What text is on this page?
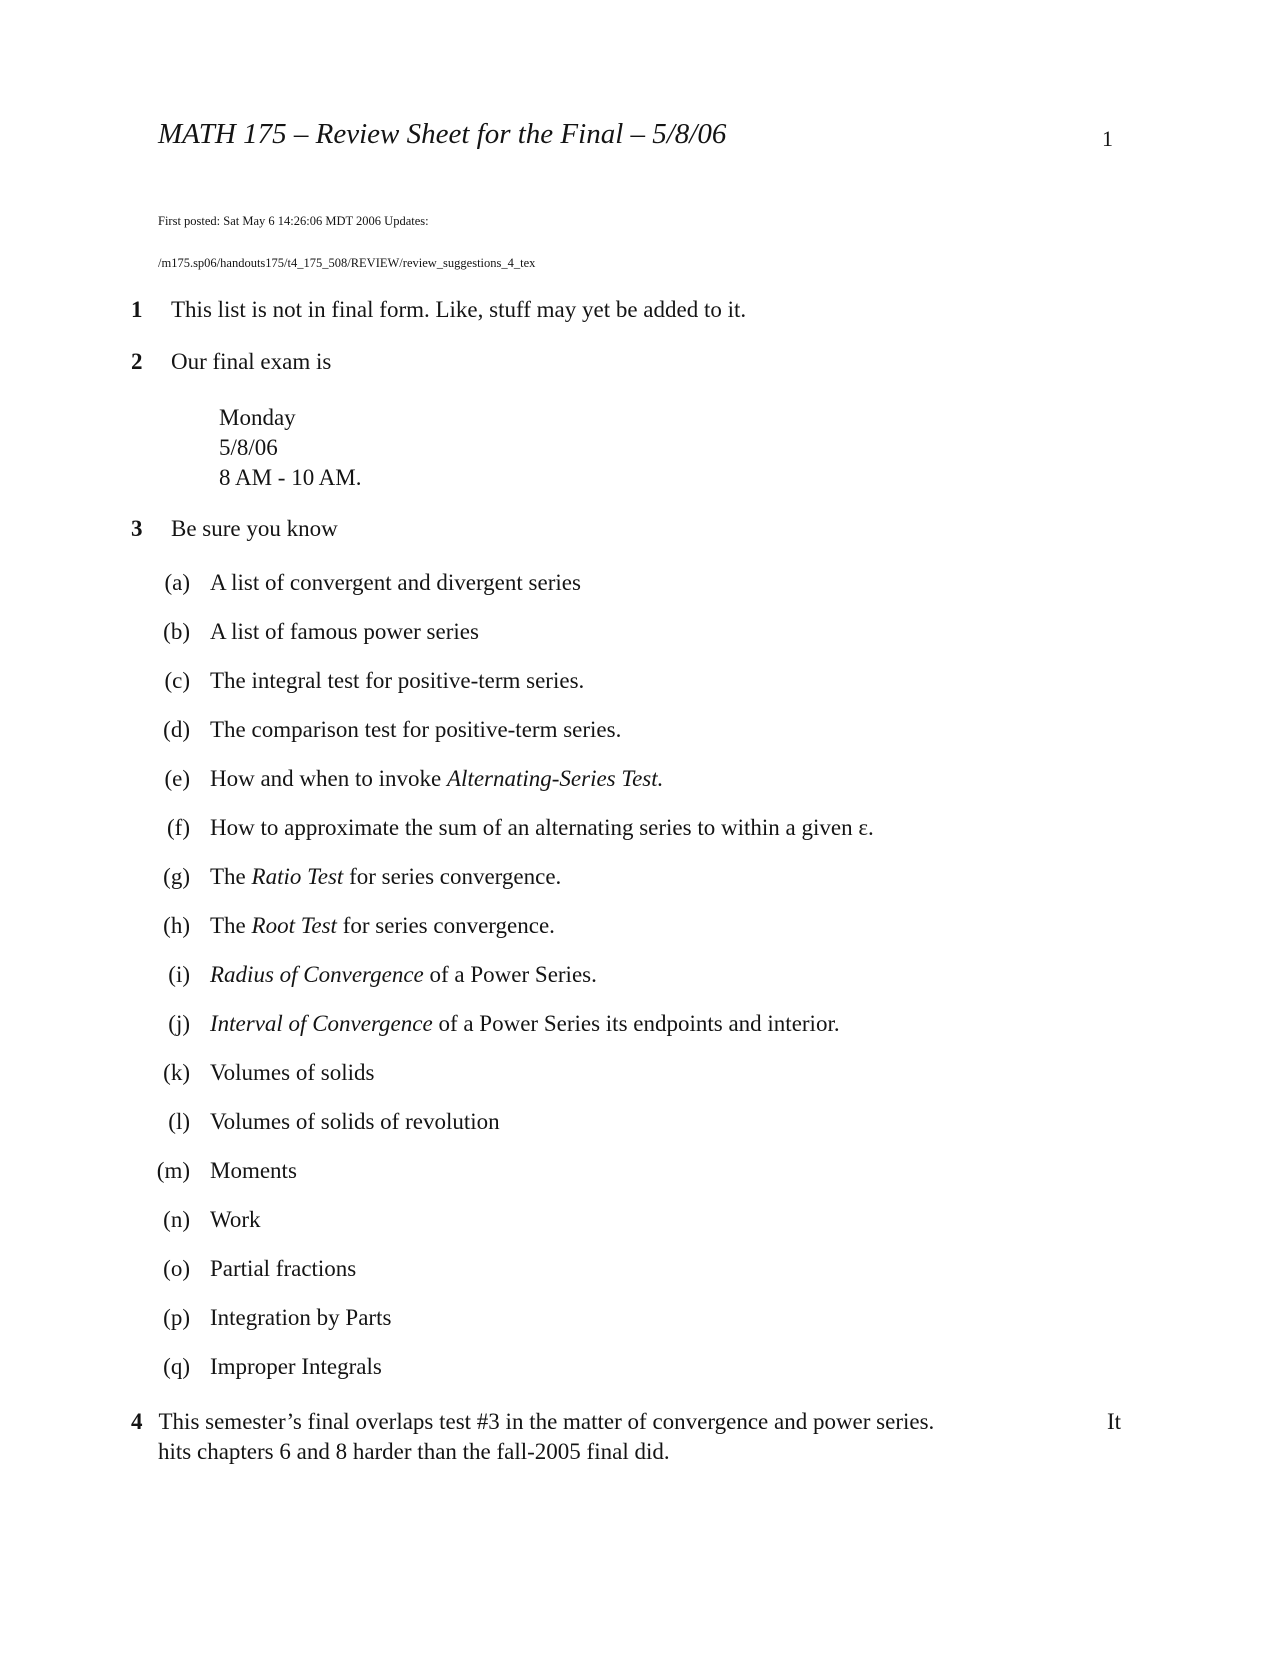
MATH 175 – Review Sheet for the Final – 5/8/06	1
First posted: Sat May 6 14:26:06 MDT 2006 Updates:
/m175.sp06/handouts175/t4_175_508/REVIEW/review_suggestions_4_tex
1 This list is not in final form. Like, stuff may yet be added to it.
2 Our final exam is
Monday
5/8/06
8 AM - 10 AM.
3 Be sure you know
(a) A list of convergent and divergent series
(b) A list of famous power series
(c) The integral test for positive-term series.
(d) The comparison test for positive-term series.
(e) How and when to invoke Alternating-Series Test.
(f) How to approximate the sum of an alternating series to within a given ε.
(g) The Ratio Test for series convergence.
(h) The Root Test for series convergence.
(i) Radius of Convergence of a Power Series.
(j) Interval of Convergence of a Power Series its endpoints and interior.
(k) Volumes of solids
(l) Volumes of solids of revolution
(m) Moments
(n) Work
(o) Partial fractions
(p) Integration by Parts
(q) Improper Integrals
4 This semester’s final overlaps test #3 in the matter of convergence and power series.	It
hits chapters 6 and 8 harder than the fall-2005 final did.
